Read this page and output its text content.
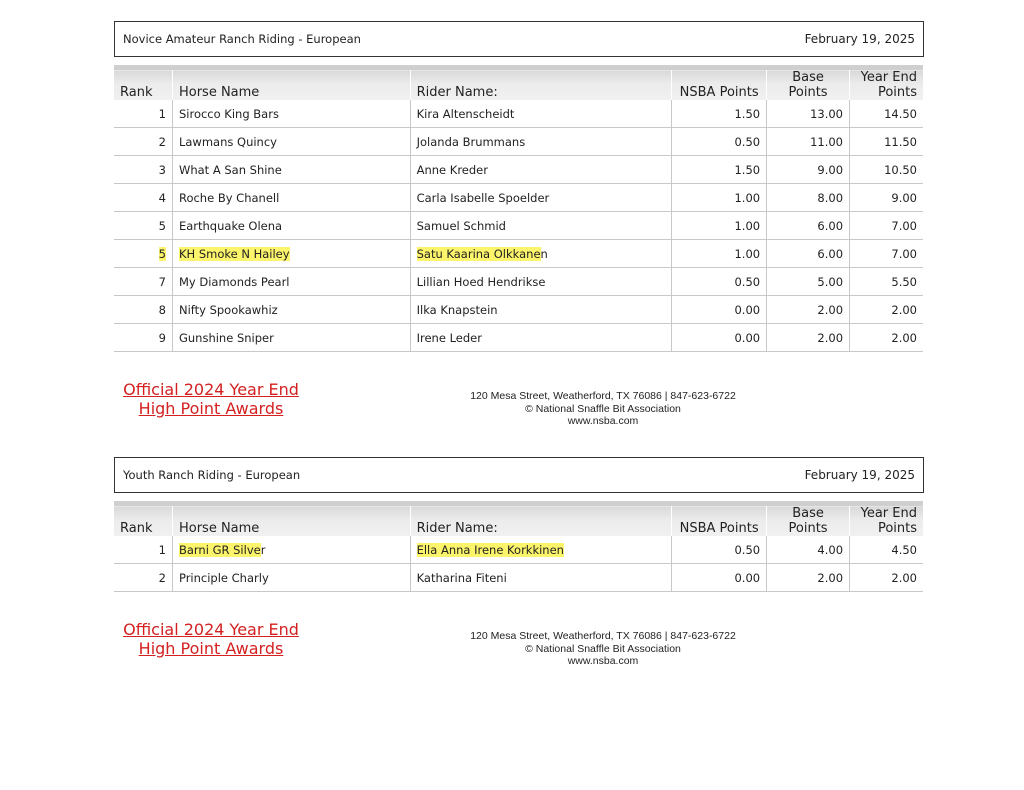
Novice Amateur Ranch Riding - European	February 19, 2025
Rank	Horse Name	Rider Name:	NSBA Points	Base Points	Year End
Points
1	Sirocco King Bars	Kira Altenscheidt	1.50	13.00	14.50
2	Lawmans Quincy	Jolanda Brummans	0.50	11.00	11.50
3	What A San Shine	Anne Kreder	1.50	9.00	10.50
4	Roche By Chanell	Carla Isabelle Spoelder	1.00	8.00	9.00
5	Earthquake Olena	Samuel Schmid	1.00	6.00	7.00
5	KH Smoke N Hailey	Satu Kaarina Olkkanen	1.00	6.00	7.00
7	My Diamonds Pearl	Lillian Hoed Hendrikse	0.50	5.00	5.50
8	Nifty Spookawhiz	Ilka Knapstein	0.00	2.00	2.00
9	Gunshine Sniper	Irene Leder	0.00	2.00	2.00
Official 2024 Year End
High Point Awards
120 Mesa Street, Weatherford, TX 76086 | 847-623-6722
© National Snaffle Bit Association
www.nsba.com
Youth Ranch Riding - European	February 19, 2025
Rank	Horse Name	Rider Name:	NSBA Points	Base Points	Year End
Points
1	Barni GR Silver	Ella Anna Irene Korkkinen	0.50	4.00	4.50
2	Principle Charly	Katharina Fiteni	0.00	2.00	2.00
Official 2024 Year End
High Point Awards
120 Mesa Street, Weatherford, TX 76086 | 847-623-6722
© National Snaffle Bit Association
www.nsba.com
